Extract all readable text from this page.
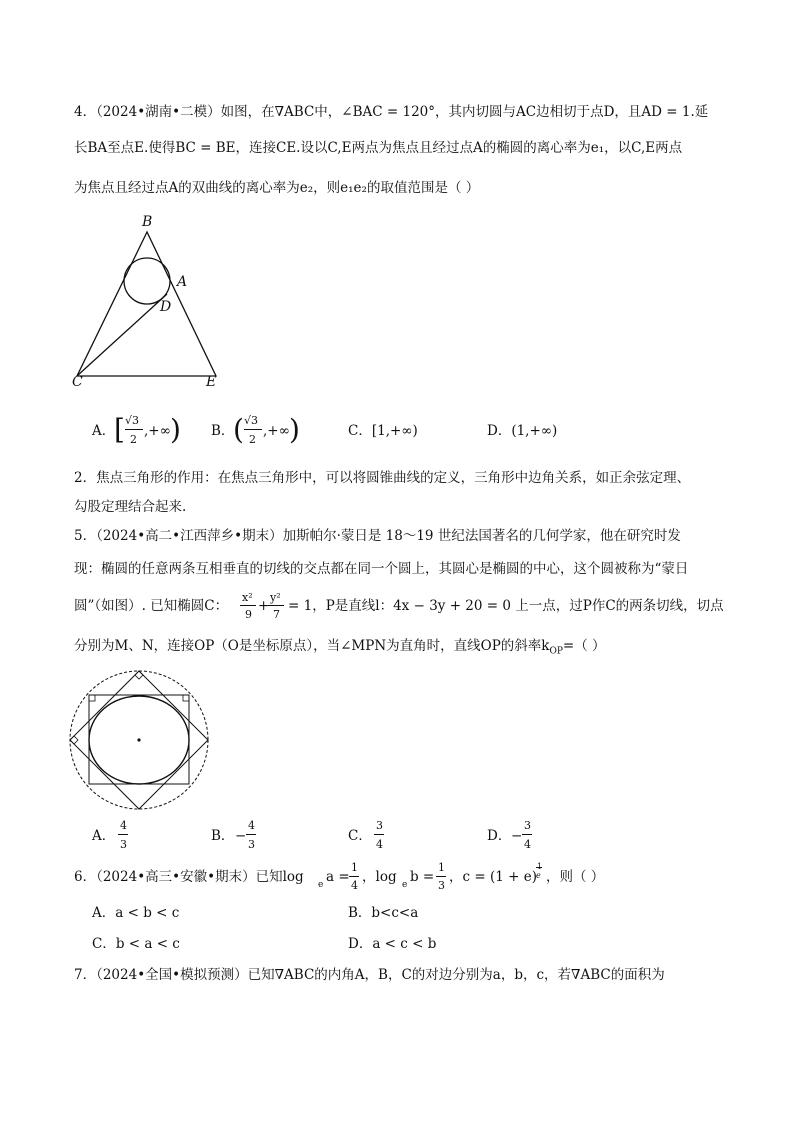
4．（2024•湖南•二模）如图，在∇ABC中，∠BAC = 120°，其内切圆与AC边相切于点D，且AD = 1.延
长BA至点E.使得BC = BE，连接CE.设以C,E两点为焦点且经过点A的椭圆的离心率为e₁，以C,E两点
为焦点且经过点A的双曲线的离心率为e₂，则e₁e₂的取值范围是（ ）
B
A
D
C	E
A．
[ √3
2
,+∞ ) B．
( √3
2
,+∞ )	C．[1,+∞)	D．(1,+∞)
2．焦点三角形的作用：在焦点三角形中，可以将圆锥曲线的定义，三角形中边角关系，如正余弦定理、
勾股定理结合起来.
5．（2024•高二•江西萍乡•期末）加斯帕尔·蒙日是 18～19 世纪法国著名的几何学家，他在研究时发
现：椭圆的任意两条互相垂直的切线的交点都在同一个圆上，其圆心是椭圆的中心，这个圆被称为“蒙日
圆”（如图）. 已知椭圆C：
x²
9
+
y²
7
= 1，P是直线l：4x − 3y + 20 = 0 上一点，过P作C的两条切线，切点
分别为M、N，连接OP（O是坐标原点），当∠MPN为直角时，直线OP的斜率$k_{OP}=$（ ）
A．
4
3
B． −
4
3
C．
3
4
D． −
3
4
6．（2024•高三•安徽•期末）已知log e a =
1
4
，log e b =
1
3
，c = (1 + e)
1
e ，则（ ）
A．a < b < c	B．b<c<a
C．b < a < c	D．a < c < b
7．（2024•全国•模拟预测）已知∇ABC的内角A，B，C的对边分别为a，b，c，若∇ABC的面积为
